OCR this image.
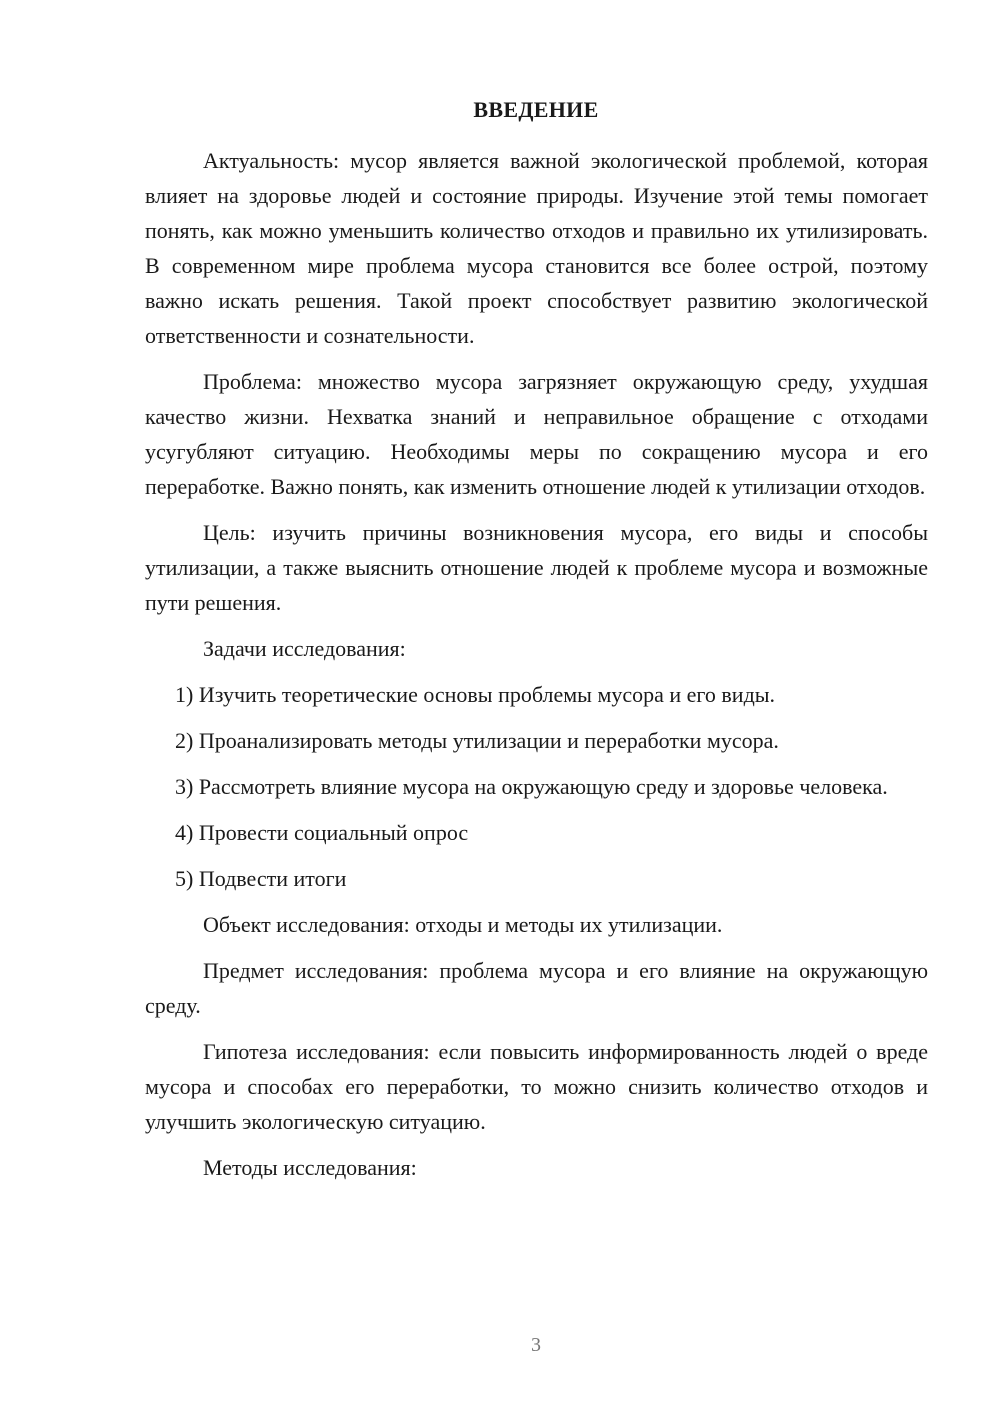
ВВЕДЕНИЕ

Актуальность: мусор является важной экологической проблемой, которая влияет на здоровье людей и состояние природы. Изучение этой темы помогает понять, как можно уменьшить количество отходов и правильно их утилизировать. В современном мире проблема мусора становится все более острой, поэтому важно искать решения. Такой проект способствует развитию экологической ответственности и сознательности.

Проблема: множество мусора загрязняет окружающую среду, ухудшая качество жизни. Нехватка знаний и неправильное обращение с отходами усугубляют ситуацию. Необходимы меры по сокращению мусора и его переработке. Важно понять, как изменить отношение людей к утилизации отходов.

Цель: изучить причины возникновения мусора, его виды и способы утилизации, а также выяснить отношение людей к проблеме мусора и возможные пути решения.

Задачи исследования:

1) Изучить теоретические основы проблемы мусора и его виды.

2) Проанализировать методы утилизации и переработки мусора.

3) Рассмотреть влияние мусора на окружающую среду и здоровье человека.

4) Провести социальный опрос

5) Подвести итоги

Объект исследования: отходы и методы их утилизации.

Предмет исследования: проблема мусора и его влияние на окружающую среду.

Гипотеза исследования: если повысить информированность людей о вреде мусора и способах его переработки, то можно снизить количество отходов и улучшить экологическую ситуацию.

Методы исследования:

3
